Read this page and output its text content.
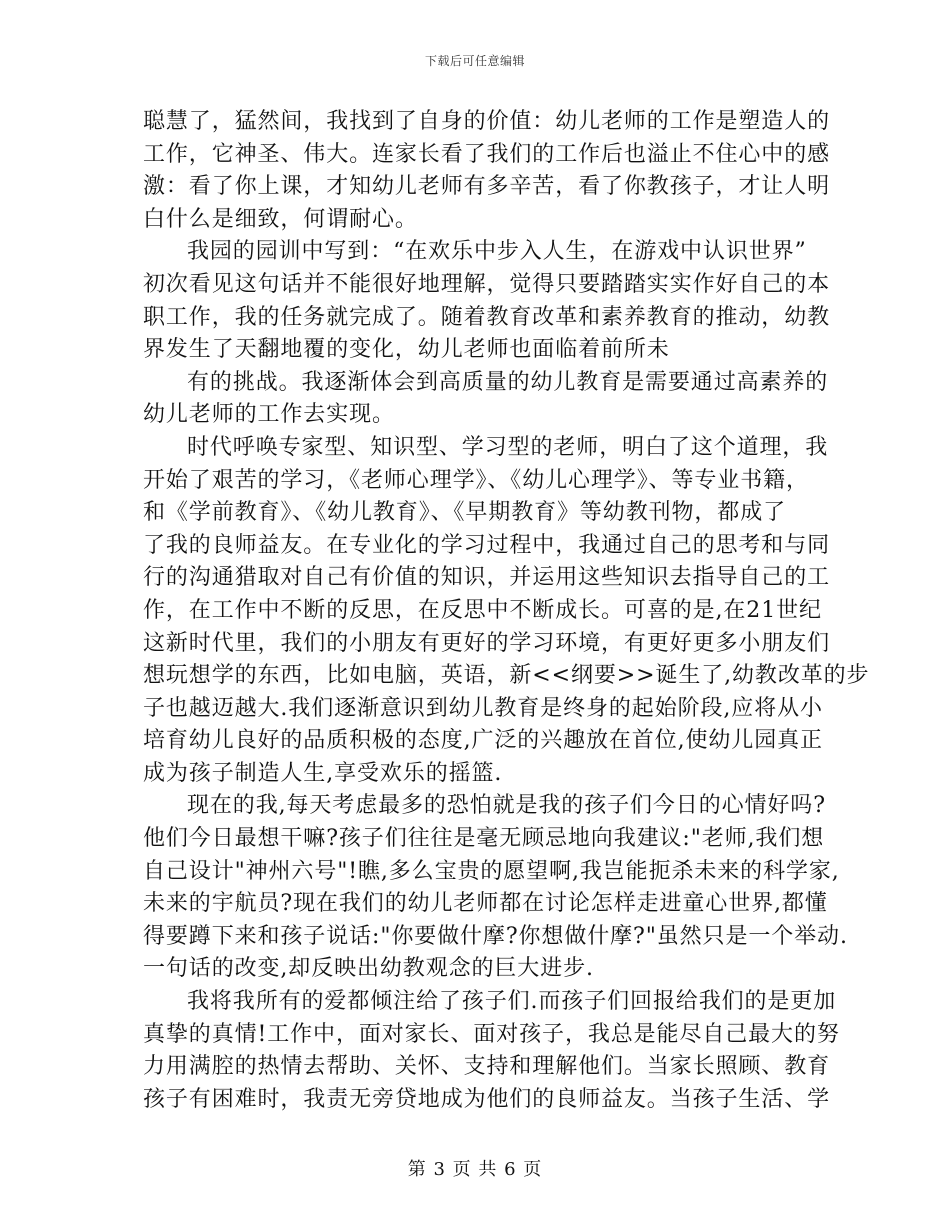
下载后可任意编辑
聪慧了，猛然间，我找到了自身的价值：幼儿老师的工作是塑造人的
工作，它神圣、伟大。连家长看了我们的工作后也溢止不住心中的感
激：看了你上课，才知幼儿老师有多辛苦，看了你教孩子，才让人明
白什么是细致，何谓耐心。
我园的园训中写到：“在欢乐中步入人生，在游戏中认识世界”
初次看见这句话并不能很好地理解，觉得只要踏踏实实作好自己的本
职工作，我的任务就完成了。随着教育改革和素养教育的推动，幼教
界发生了天翻地覆的变化，幼儿老师也面临着前所未
有的挑战。我逐渐体会到高质量的幼儿教育是需要通过高素养的
幼儿老师的工作去实现。
时代呼唤专家型、知识型、学习型的老师，明白了这个道理，我
开始了艰苦的学习，《老师心理学》、《幼儿心理学》、等专业书籍，
和《学前教育》、《幼儿教育》、《早期教育》等幼教刊物，都成了
了我的良师益友。在专业化的学习过程中，我通过自己的思考和与同
行的沟通猎取对自己有价值的知识，并运用这些知识去指导自己的工
作，在工作中不断的反思，在反思中不断成长。可喜的是,在21世纪
这新时代里，我们的小朋友有更好的学习环境，有更好更多小朋友们
想玩想学的东西，比如电脑，英语，新<<纲要>>诞生了,幼教改革的步
子也越迈越大.我们逐渐意识到幼儿教育是终身的起始阶段,应将从小
培育幼儿良好的品质积极的态度,广泛的兴趣放在首位,使幼儿园真正
成为孩子制造人生,享受欢乐的摇篮.
现在的我,每天考虑最多的恐怕就是我的孩子们今日的心情好吗?
他们今日最想干嘛?孩子们往往是毫无顾忌地向我建议:"老师,我们想
自己设计"神州六号"!瞧,多么宝贵的愿望啊,我岂能扼杀未来的科学家,
未来的宇航员?现在我们的幼儿老师都在讨论怎样走进童心世界,都懂
得要蹲下来和孩子说话:"你要做什摩?你想做什摩?"虽然只是一个举动.
一句话的改变,却反映出幼教观念的巨大进步.
我将我所有的爱都倾注给了孩子们.而孩子们回报给我们的是更加
真挚的真情!工作中，面对家长、面对孩子，我总是能尽自己最大的努
力用满腔的热情去帮助、关怀、支持和理解他们。当家长照顾、教育
孩子有困难时，我责无旁贷地成为他们的良师益友。当孩子生活、学
第 3 页 共 6 页
